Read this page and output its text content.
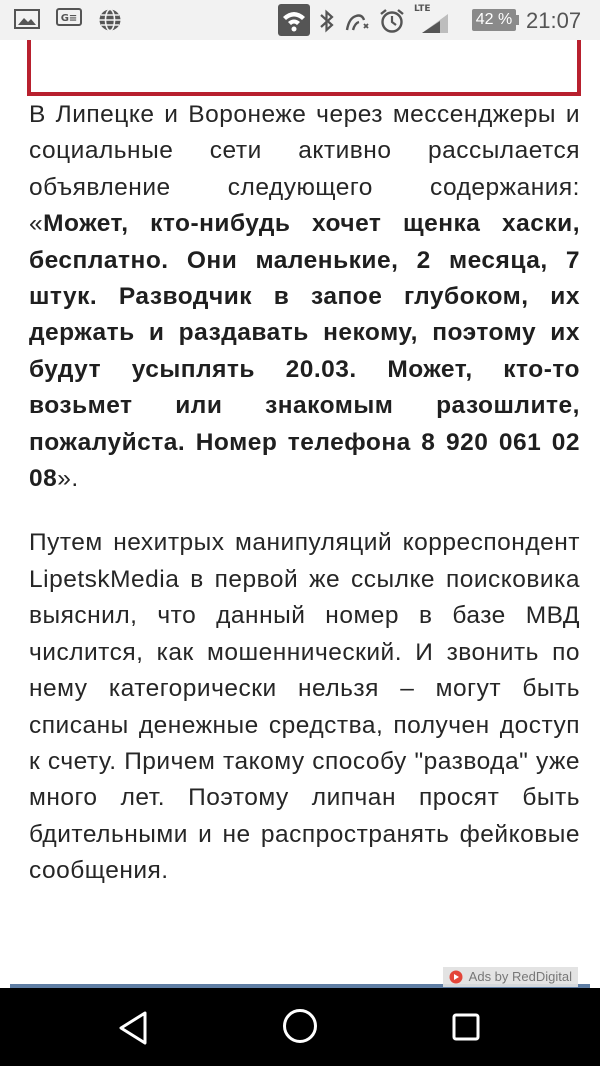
G≡
LTE
42 % 21:07

В Липецке и Воронеже через мессенджеры и социальные сети активно рассылается объявление следующего содержания: «Может, кто-нибудь хочет щенка хаски, бесплатно. Они маленькие, 2 месяца, 7 штук. Разводчик в запое глубоком, их держать и раздавать некому, поэтому их будут усыплять 20.03. Может, кто-то возьмет или знакомым разошлите, пожалуйста. Номер телефона 8 920 061 02 08».

Путем нехитрых манипуляций корреспондент LipetskMedia в первой же ссылке поисковика выяснил, что данный номер в базе МВД числится, как мошеннический. И звонить по нему категорически нельзя – могут быть списаны денежные средства, получен доступ к счету. Причем такому способу "развода" уже много лет. Поэтому липчан просят быть бдительными и не распространять фейковые сообщения.

Ads by RedDigital
